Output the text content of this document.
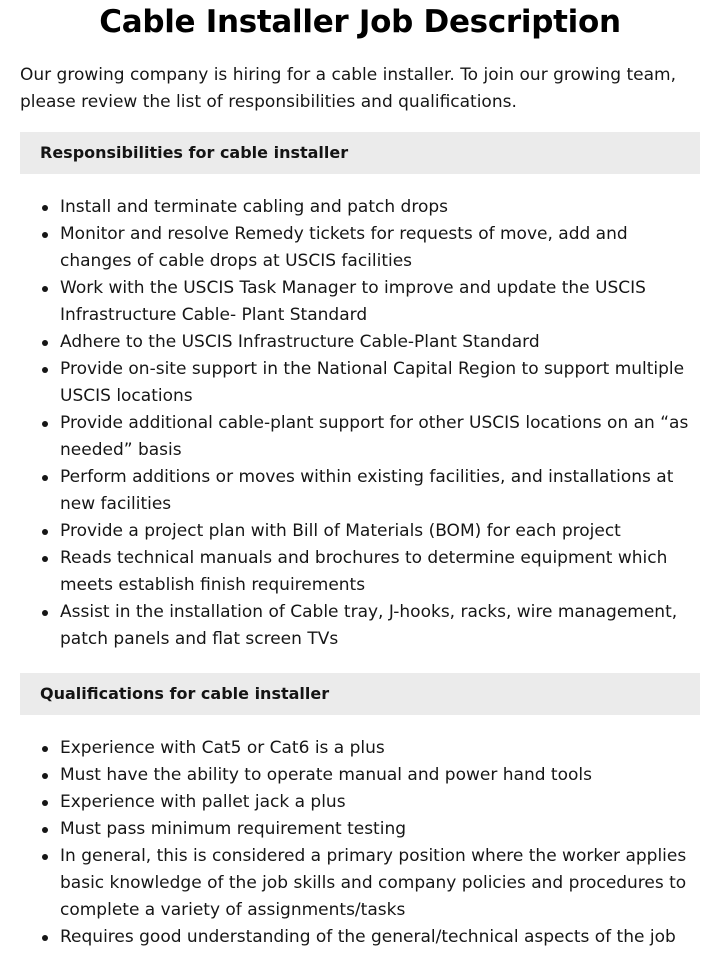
Cable Installer Job Description

Our growing company is hiring for a cable installer. To join our growing team, please review the list of responsibilities and qualifications.

Responsibilities for cable installer
Install and terminate cabling and patch drops
Monitor and resolve Remedy tickets for requests of move, add and changes of cable drops at USCIS facilities
Work with the USCIS Task Manager to improve and update the USCIS Infrastructure Cable- Plant Standard
Adhere to the USCIS Infrastructure Cable-Plant Standard
Provide on-site support in the National Capital Region to support multiple USCIS locations
Provide additional cable-plant support for other USCIS locations on an “as needed” basis
Perform additions or moves within existing facilities, and installations at new facilities
Provide a project plan with Bill of Materials (BOM) for each project
Reads technical manuals and brochures to determine equipment which meets establish finish requirements
Assist in the installation of Cable tray, J-hooks, racks, wire management, patch panels and flat screen TVs
Qualifications for cable installer
Experience with Cat5 or Cat6 is a plus
Must have the ability to operate manual and power hand tools
Experience with pallet jack a plus
Must pass minimum requirement testing
In general, this is considered a primary position where the worker applies basic knowledge of the job skills and company policies and procedures to complete a variety of assignments/tasks
Requires good understanding of the general/technical aspects of the job
